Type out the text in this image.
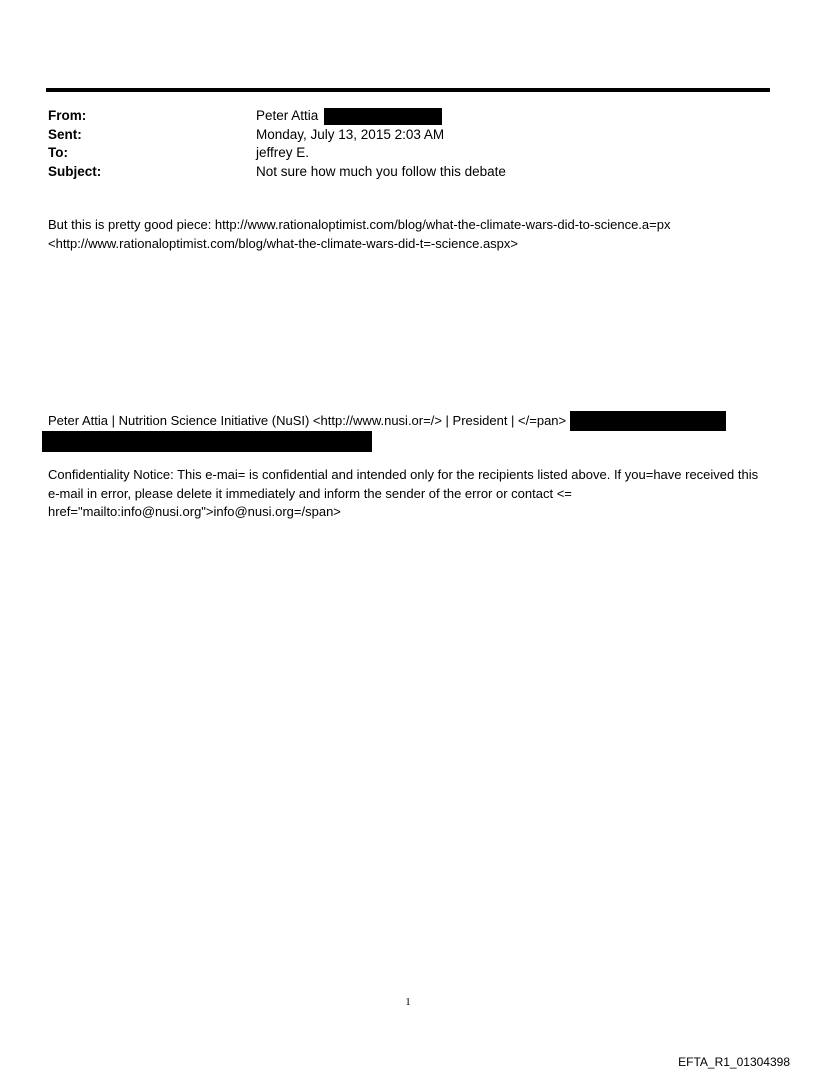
From:	Peter Attia
Sent:	Monday, July 13, 2015 2:03 AM
To:	jeffrey E.
Subject:	Not sure how much you follow this debate
But this is pretty good piece: http://www.rationaloptimist.com/blog/what-the-climate-wars-did-to-science.a=px
<http://www.rationaloptimist.com/blog/what-the-climate-wars-did-t=-science.aspx>
Peter Attia | Nutrition Science Initiative (NuSI) <http://www.nusi.or=/> | President | </=pan>
Confidentiality Notice: This e-mai= is confidential and intended only for the recipients listed above. If you=have received this e-mail in error, please delete it immediately and inform the sender of the error or contact <= href="mailto:info@nusi.org">info@nusi.org=/span>
1
EFTA_R1_01304398
